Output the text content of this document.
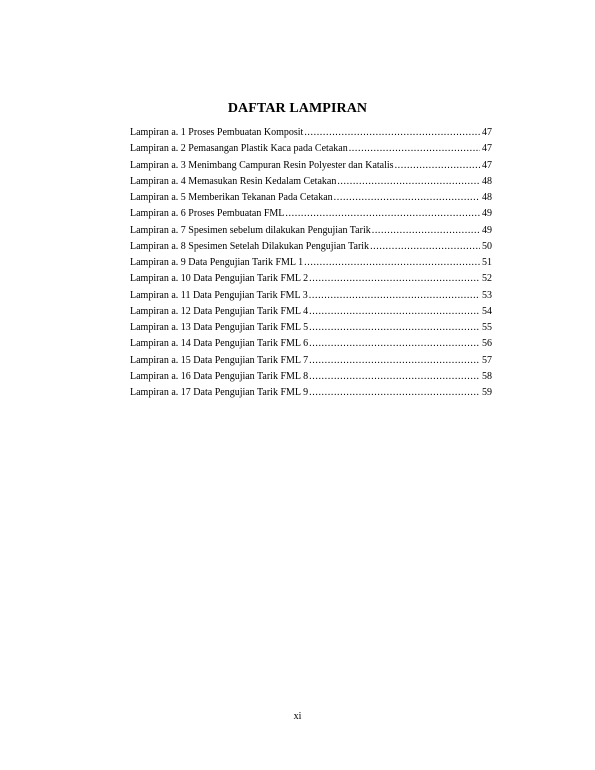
DAFTAR LAMPIRAN
Lampiran a. 1 Proses Pembuatan Komposit .....	47
Lampiran a. 2 Pemasangan Plastik Kaca pada Cetakan .....	47
Lampiran a. 3 Menimbang Campuran Resin Polyester dan Katalis .....	47
Lampiran a. 4 Memasukan Resin Kedalam Cetakan .....	48
Lampiran a. 5 Memberikan Tekanan Pada Cetakan .....	48
Lampiran a. 6 Proses Pembuatan FML .....	49
Lampiran a. 7 Spesimen sebelum dilakukan Pengujian Tarik .....	49
Lampiran a. 8 Spesimen Setelah Dilakukan Pengujian Tarik .....	50
Lampiran a. 9 Data Pengujian Tarik FML 1 .....	51
Lampiran a. 10 Data Pengujian Tarik FML 2 .....	52
Lampiran a. 11 Data Pengujian Tarik FML 3 .....	53
Lampiran a. 12 Data Pengujian Tarik FML 4 .....	54
Lampiran a. 13 Data Pengujian Tarik FML 5 .....	55
Lampiran a. 14 Data Pengujian Tarik FML 6 .....	56
Lampiran a. 15 Data Pengujian Tarik FML 7 .....	57
Lampiran a. 16 Data Pengujian Tarik FML 8 .....	58
Lampiran a. 17 Data Pengujian Tarik FML 9 .....	59
xi
